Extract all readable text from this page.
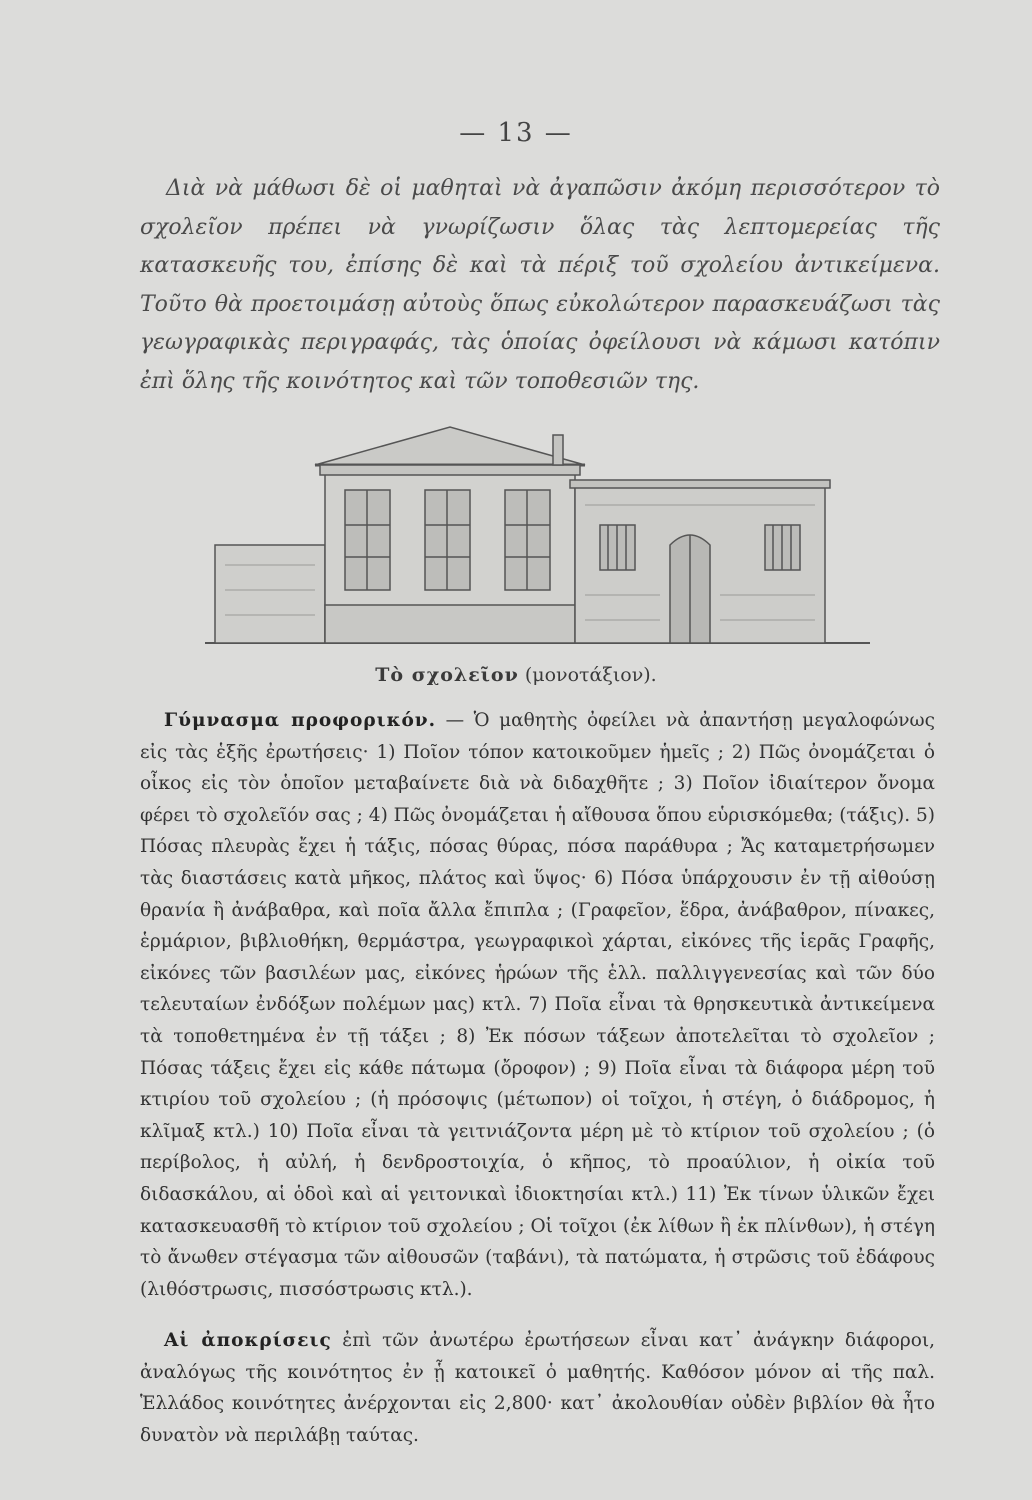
— 13 —

Διὰ νὰ μάθωσι δὲ οἱ μαθηταὶ νὰ ἀγαπῶσιν ἀκόμη περισσότερον τὸ σχολεῖον πρέπει νὰ γνωρίζωσιν ὅλας τὰς λεπτομερείας τῆς κατασκευῆς του, ἐπίσης δὲ καὶ τὰ πέριξ τοῦ σχολείου ἀντικείμενα. Τοῦτο θὰ προετοιμάσῃ αὐτοὺς ὅπως εὐκολώτερον παρασκευάζωσι τὰς γεωγραφικὰς περιγραφάς, τὰς ὁποίας ὀφείλουσι νὰ κάμωσι κατόπιν ἐπὶ ὅλης τῆς κοινότητος καὶ τῶν τοποθεσιῶν της.

Τὸ σχολεῖον (μονοτάξιον).

Γύμνασμα προφορικόν. — Ὁ μαθητὴς ὀφείλει νὰ ἀπαντήσῃ μεγαλοφώνως εἰς τὰς ἑξῆς ἐρωτήσεις· 1) Ποῖον τόπον κατοικοῦμεν ἡμεῖς ; 2) Πῶς ὀνομάζεται ὁ οἶκος εἰς τὸν ὁποῖον μεταβαίνετε διὰ νὰ διδαχθῆτε ; 3) Ποῖον ἰδιαίτερον ὄνομα φέρει τὸ σχολεῖόν σας ; 4) Πῶς ὀνομάζεται ἡ αἴθουσα ὅπου εὑρισκόμεθα; (τάξις). 5) Πόσας πλευρὰς ἔχει ἡ τάξις, πόσας θύρας, πόσα παράθυρα ; Ἄς καταμετρήσωμεν τὰς διαστάσεις κατὰ μῆκος, πλάτος καὶ ὕψος· 6) Πόσα ὑπάρχουσιν ἐν τῇ αἰθούσῃ θρανία ἢ ἀνάβαθρα, καὶ ποῖα ἄλλα ἔπιπλα ; (Γραφεῖον, ἕδρα, ἀνάβαθρον, πίνακες, ἑρμάριον, βιβλιοθήκη, θερμάστρα, γεωγραφικοὶ χάρται, εἰκόνες τῆς ἱερᾶς Γραφῆς, εἰκόνες τῶν βασιλέων μας, εἰκόνες ἡρώων τῆς ἑλλ. παλλιγγενεσίας καὶ τῶν δύο τελευταίων ἐνδόξων πολέμων μας) κτλ. 7) Ποῖα εἶναι τὰ θρησκευτικὰ ἀντικείμενα τὰ τοποθετημένα ἐν τῇ τάξει ; 8) Ἐκ πόσων τάξεων ἀποτελεῖται τὸ σχολεῖον ; Πόσας τάξεις ἔχει εἰς κάθε πάτωμα (ὄροφον) ; 9) Ποῖα εἶναι τὰ διάφορα μέρη τοῦ κτιρίου τοῦ σχολείου ; (ἡ πρόσοψις (μέτωπον) οἱ τοῖχοι, ἡ στέγη, ὁ διάδρομος, ἡ κλῖμαξ κτλ.) 10) Ποῖα εἶναι τὰ γειτνιάζοντα μέρη μὲ τὸ κτίριον τοῦ σχολείου ; (ὁ περίβολος, ἡ αὐλή, ἡ δενδροστοιχία, ὁ κῆπος, τὸ προαύλιον, ἡ οἰκία τοῦ διδασκάλου, αἱ ὁδοὶ καὶ αἱ γειτονικαὶ ἰδιοκτησίαι κτλ.) 11) Ἐκ τίνων ὑλικῶν ἔχει κατασκευασθῆ τὸ κτίριον τοῦ σχολείου ; Οἱ τοῖχοι (ἐκ λίθων ἢ ἐκ πλίνθων), ἡ στέγη τὸ ἄνωθεν στέγασμα τῶν αἰθουσῶν (ταβάνι), τὰ πατώματα, ἡ στρῶσις τοῦ ἐδάφους (λιθόστρωσις, πισσόστρωσις κτλ.).

Αἱ ἀποκρίσεις ἐπὶ τῶν ἀνωτέρω ἐρωτήσεων εἶναι κατ᾽ ἀνάγκην διάφοροι, ἀναλόγως τῆς κοινότητος ἐν ᾗ κατοικεῖ ὁ μαθητής. Καθόσον μόνον αἱ τῆς παλ. Ἑλλάδος κοινότητες ἀνέρχονται εἰς 2,800· κατ᾽ ἀκολουθίαν οὐδὲν βιβλίον θὰ ἦτο δυνατὸν νὰ περιλάβῃ ταύτας.
